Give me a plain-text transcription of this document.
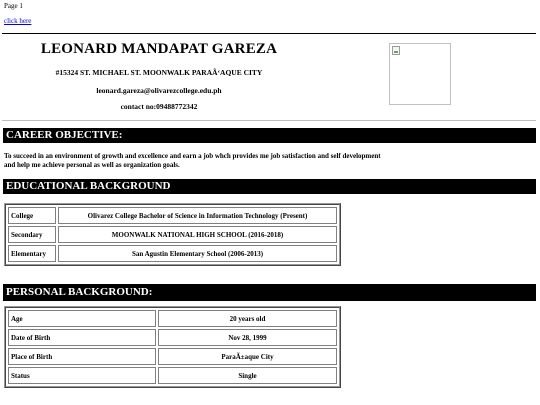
Page 1
click here
LEONARD MANDAPAT GAREZA
#15324 ST. MICHAEL ST. MOONWALK PARAÃ‘AQUE CITY
leonard.gareza@olivarezcollege.edu.ph
contact no:09488772342
CAREER OBJECTIVE:
To succeed in an environment of growth and excellence and earn a job whch provides me job satisfaction and self development and help me achieve personal as well as organization goals.
EDUCATIONAL BACKGROUND
College	Olivarez College Bachelor of Science in Information Technology (Present)
Secondary	MOONWALK NATIONAL HIGH SCHOOL (2016-2018)
Elementary	San Agustin Elementary School (2006-2013)
PERSONAL BACKGROUND:
Age	20 years old
Date of Birth	Nov 28, 1999
Place of Birth	ParaÃ±aque City
Status	Single
